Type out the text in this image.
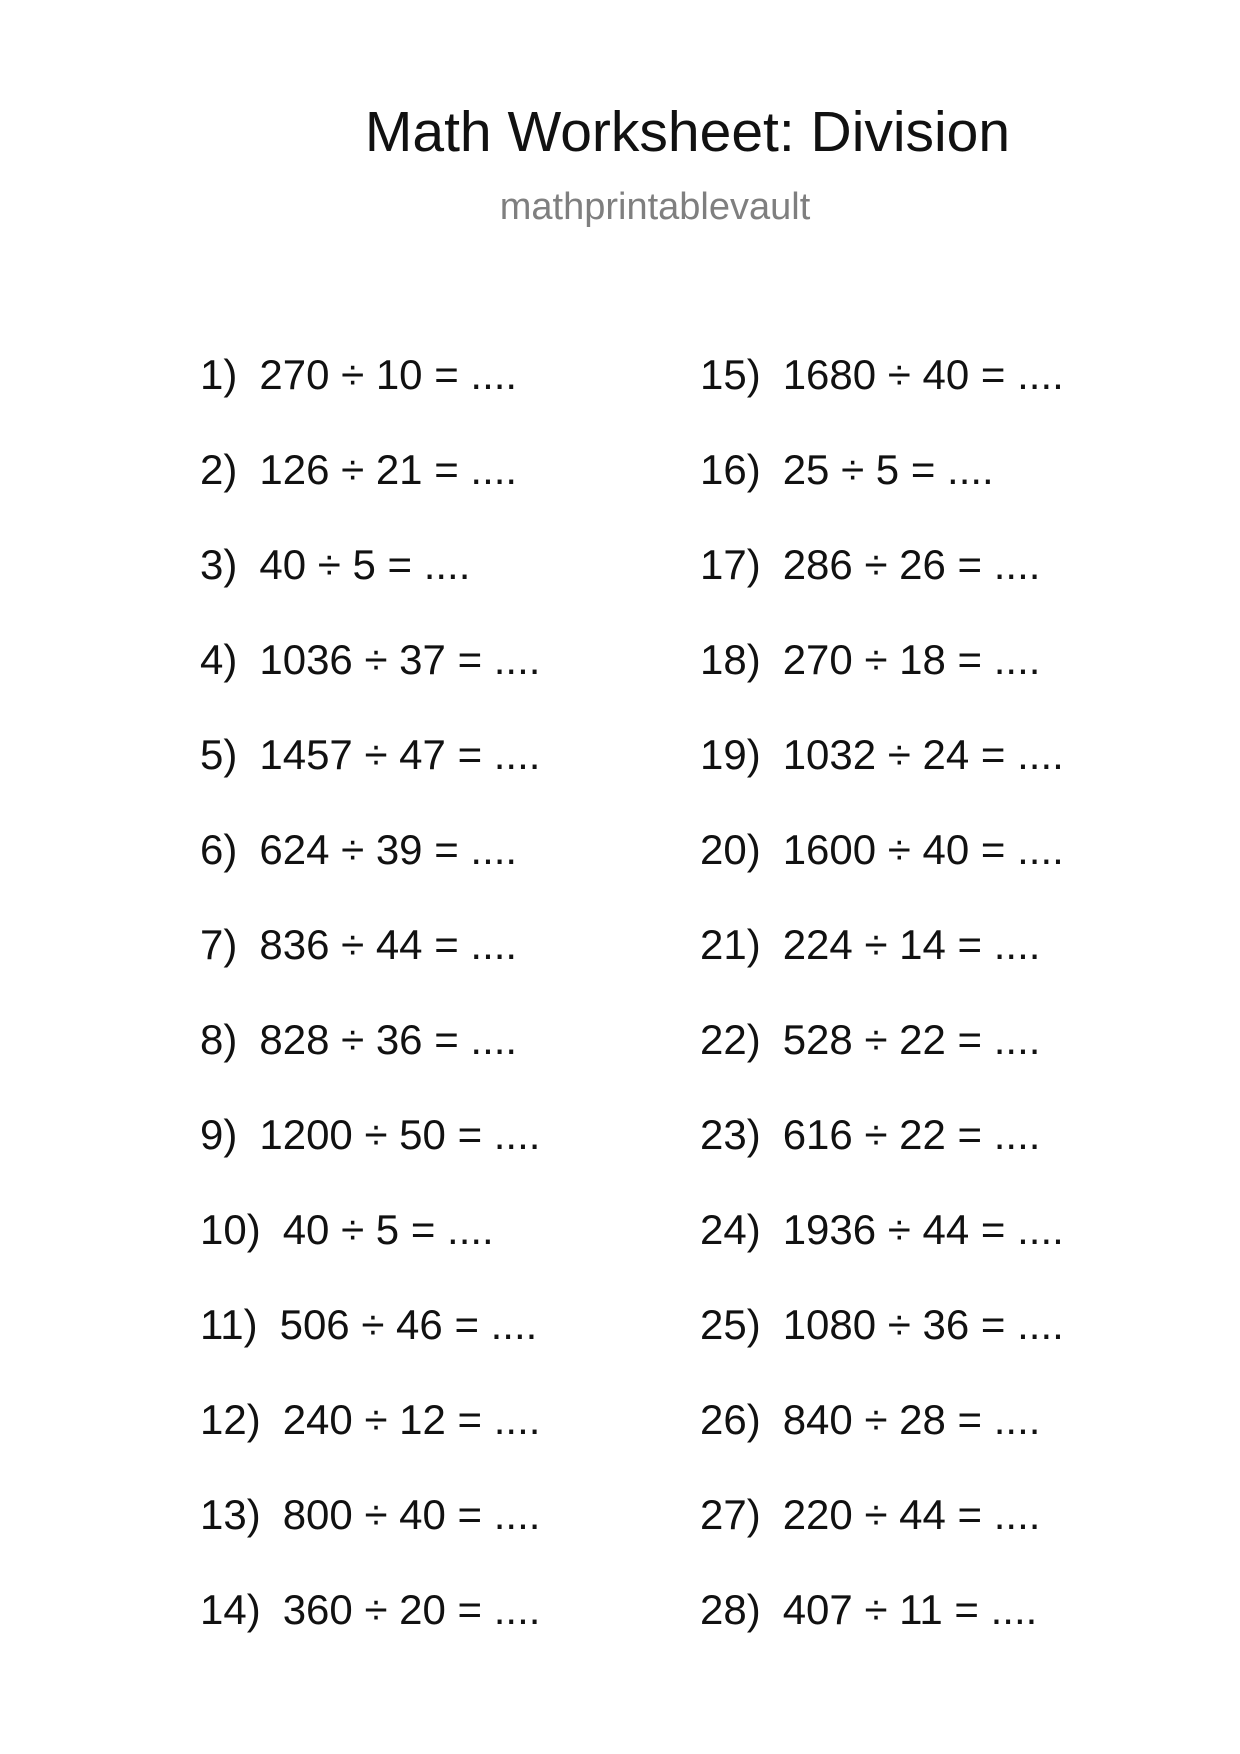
Math Worksheet: Division
mathprintablevault
1) 270 ÷ 10 = ....
2) 126 ÷ 21 = ....
3) 40 ÷ 5 = ....
4) 1036 ÷ 37 = ....
5) 1457 ÷ 47 = ....
6) 624 ÷ 39 = ....
7) 836 ÷ 44 = ....
8) 828 ÷ 36 = ....
9) 1200 ÷ 50 = ....
10) 40 ÷ 5 = ....
11) 506 ÷ 46 = ....
12) 240 ÷ 12 = ....
13) 800 ÷ 40 = ....
14) 360 ÷ 20 = ....
15) 1680 ÷ 40 = ....
16) 25 ÷ 5 = ....
17) 286 ÷ 26 = ....
18) 270 ÷ 18 = ....
19) 1032 ÷ 24 = ....
20) 1600 ÷ 40 = ....
21) 224 ÷ 14 = ....
22) 528 ÷ 22 = ....
23) 616 ÷ 22 = ....
24) 1936 ÷ 44 = ....
25) 1080 ÷ 36 = ....
26) 840 ÷ 28 = ....
27) 220 ÷ 44 = ....
28) 407 ÷ 11 = ....
